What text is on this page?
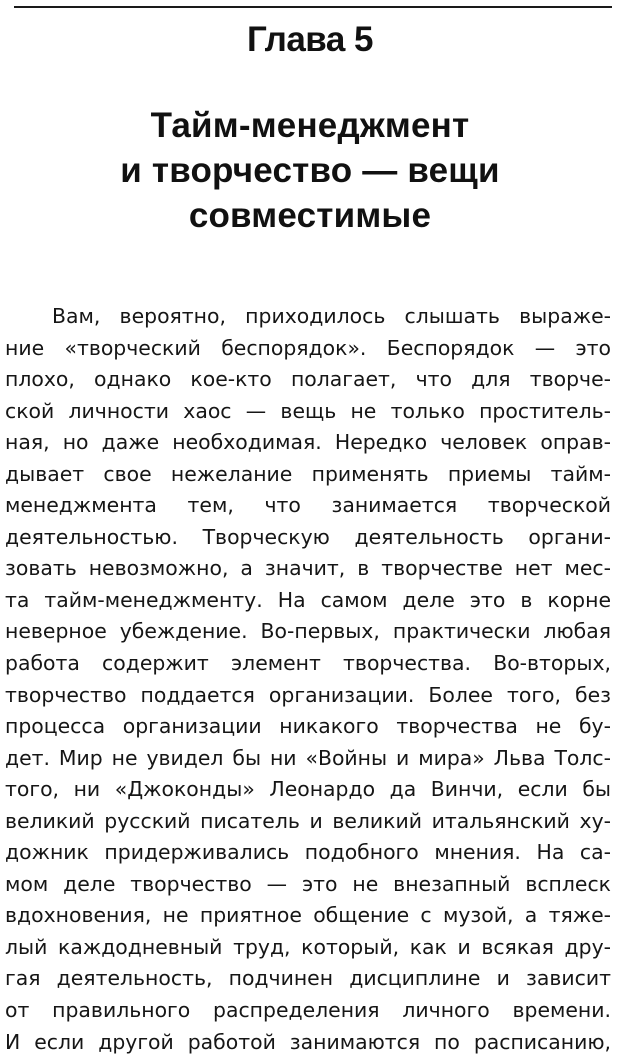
Глава 5
Тайм-менеджмент
и творчество — вещи
совместимые
Вам, вероятно, приходилось слышать выраже-
ние «творческий беспорядок». Беспорядок — это
плохо, однако кое-кто полагает, что для творче-
ской личности хаос — вещь не только проститель-
ная, но даже необходимая. Нередко человек оправ-
дывает свое нежелание применять приемы тайм-
менеджмента тем, что занимается творческой
деятельностью. Творческую деятельность органи-
зовать невозможно, а значит, в творчестве нет мес-
та тайм-менеджменту. На самом деле это в корне
неверное убеждение. Во-первых, практически любая
работа содержит элемент творчества. Во-вторых,
творчество поддается организации. Более того, без
процесса организации никакого творчества не бу-
дет. Мир не увидел бы ни «Войны и мира» Льва Толс-
того, ни «Джоконды» Леонардо да Винчи, если бы
великий русский писатель и великий итальянский ху-
дожник придерживались подобного мнения. На са-
мом деле творчество — это не внезапный всплеск
вдохновения, не приятное общение с музой, а тяже-
лый каждодневный труд, который, как и всякая дру-
гая деятельность, подчинен дисциплине и зависит
от правильного распределения личного времени.
И если другой работой занимаются по расписанию,
